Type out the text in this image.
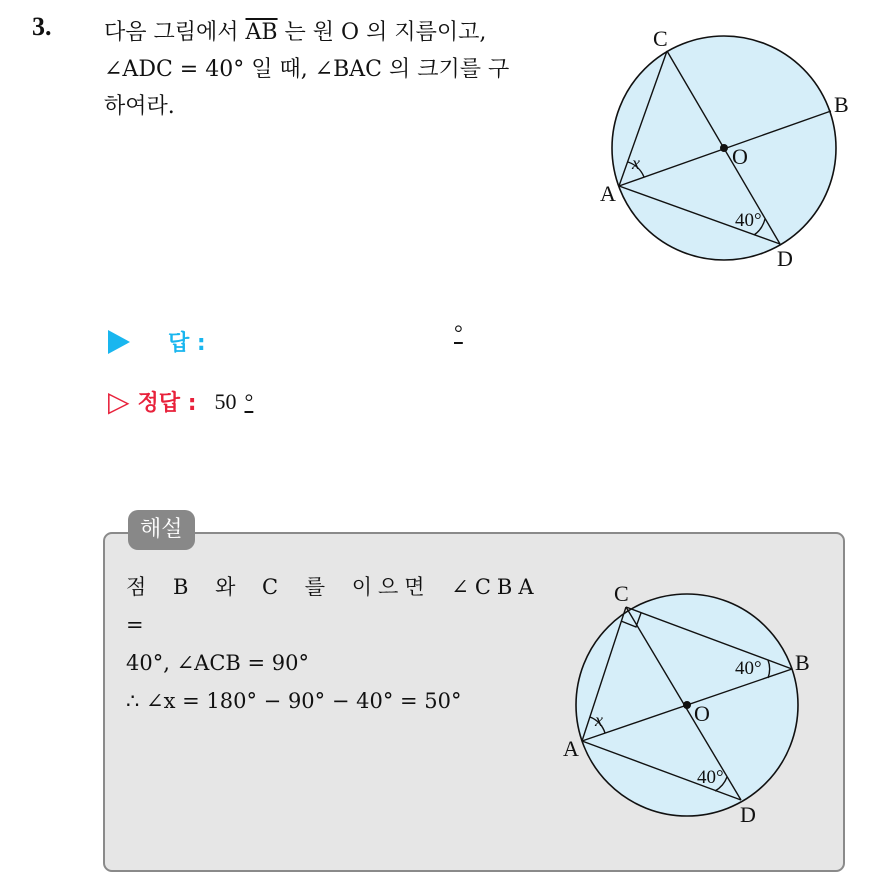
3. 다음 그림에서 $\overline{AB}$ 는 원 O 의 지름이고,
∠ADC = 40° 일 때, ∠BAC 의 크기를 구
하여라.
C
B
O
A
D
x
40°
답 :	°
▷ 정답 : 50 °
해설
점 B 와 C 를 이으면 ∠CBA =
40°, ∠ACB = 90°
∴ ∠x = 180° − 90° − 40° = 50°
C
B
O
A
D
x
40°
40°
